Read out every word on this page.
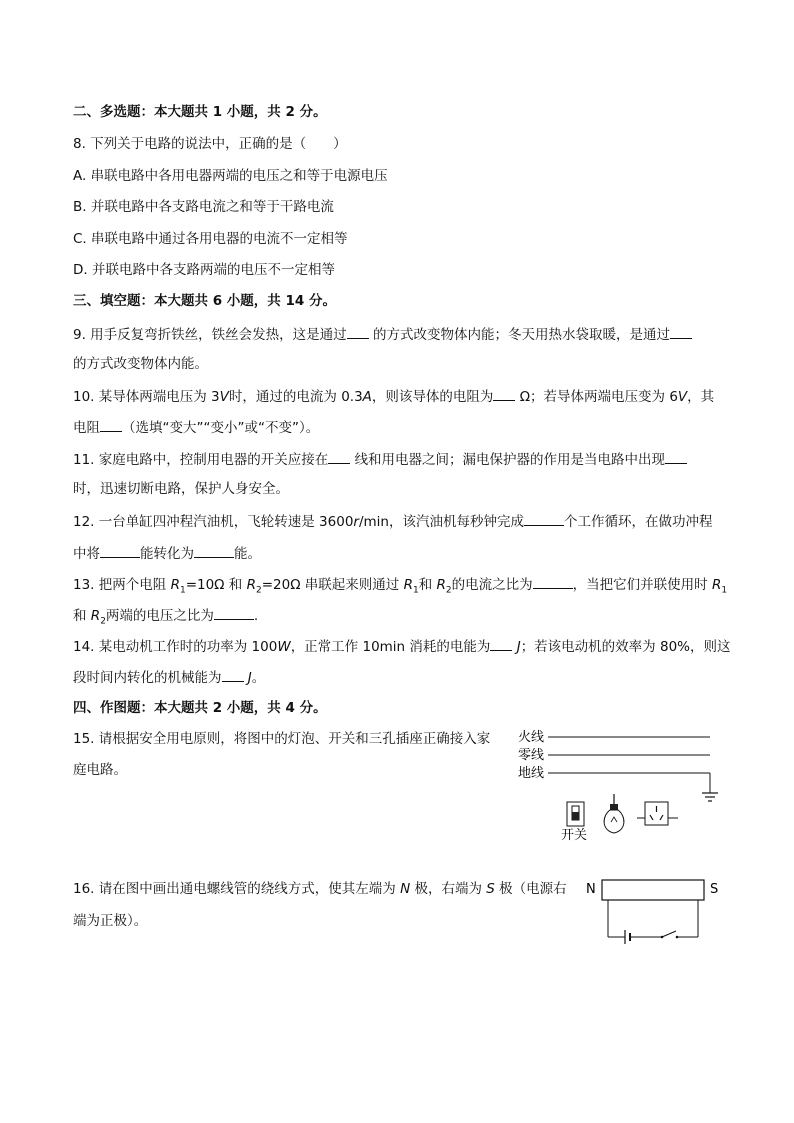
二、多选题：本大题共 1 小题，共 2 分。
8. 下列关于电路的说法中，正确的是（　　）
A. 串联电路中各用电器两端的电压之和等于电源电压
B. 并联电路中各支路电流之和等于干路电流
C. 串联电路中通过各用电器的电流不一定相等
D. 并联电路中各支路两端的电压不一定相等
三、填空题：本大题共 6 小题，共 14 分。
9. 用手反复弯折铁丝，铁丝会发热，这是通过 的方式改变物体内能；冬天用热水袋取暖，是通过
的方式改变物体内能。
10. 某导体两端电压为 3V时，通过的电流为 0.3A，则该导体的电阻为 Ω；若导体两端电压变为 6V，其
电阻 （选填“变大”“变小”或“不变”）。
11. 家庭电路中，控制用电器的开关应接在 线和用电器之间；漏电保护器的作用是当电路中出现
时，迅速切断电路，保护人身安全。
12. 一台单缸四冲程汽油机，飞轮转速是 3600r/min，该汽油机每秒钟完成	个工作循环，在做功冲程
中将	能转化为	能。
13. 把两个电阻 $R_1=10\Omega$ 和 $R_2=20\Omega$ 串联起来则通过 $R_1$和 $R_2$的电流之比为	，当把它们并联使用时 $R_1$
和 $R_2$两端的电压之比为	.
14. 某电动机工作时的功率为 100W，正常工作 10min 消耗的电能为 J；若该电动机的效率为 80%，则这
段时间内转化的机械能为 J。
四、作图题：本大题共 2 小题，共 4 分。
15. 请根据安全用电原则，将图中的灯泡、开关和三孔插座正确接入家
庭电路。
火线
零线
地线
开关
16. 请在图中画出通电螺线管的绕线方式，使其左端为 N 极，右端为 S 极（电源右
端为正极）。
N	S
